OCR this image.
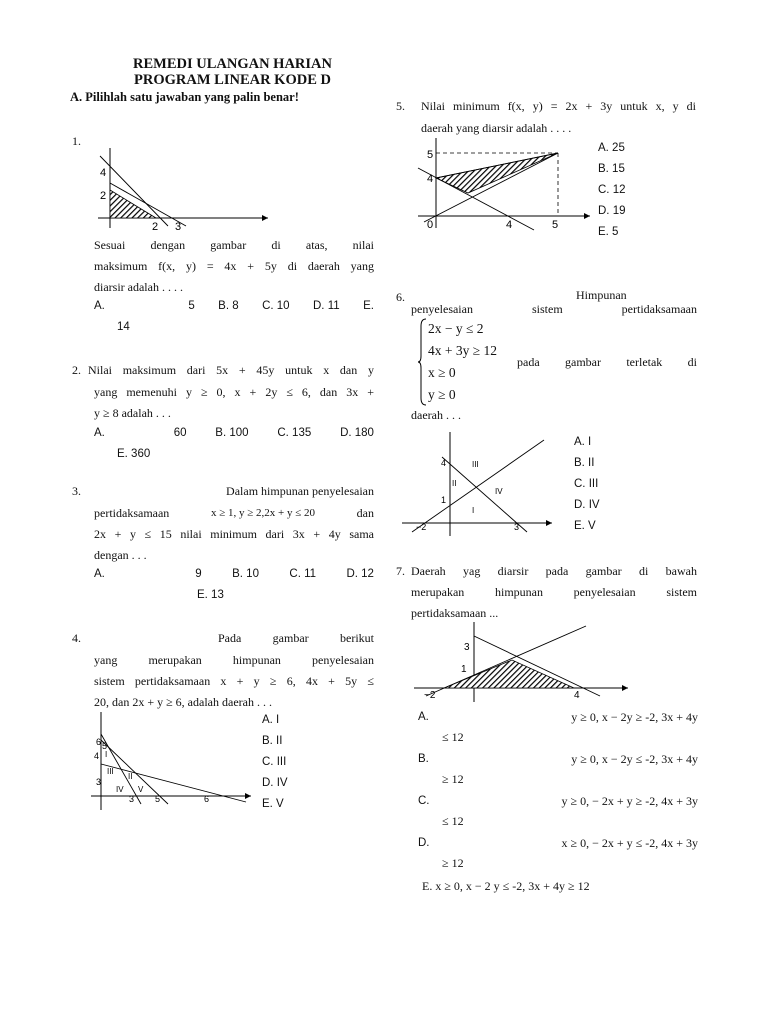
REMEDI ULANGAN HARIAN
PROGRAM LINEAR KODE D
A. Pilihlah satu jawaban yang palin benar!
1.
4
2
2 3
Sesuai dengan gambar di atas, nilai
maksimum f(x, y) = 4x + 5y di daerah yang
diarsir adalah . . . .
A.	5 B. 8 C. 10 D. 11 E.
14
2. Nilai maksimum dari 5x + 45y untuk x dan y
yang memenuhi y ≥ 0, x + 2y ≤ 6, dan 3x +
y ≥ 8 adalah . . .
A.	60	B. 100	C. 135	D. 180
E. 360
3.	Dalam himpunan penyelesaian
pertidaksamaan	x ≥ 1, y ≥ 2,2x + y ≤ 20	dan
2x + y ≤ 15 nilai minimum dari 3x + 4y sama
dengan . . .
A.	9	B. 10	C. 11	D. 12
E. 13
4.	Pada gambar berikut
yang merupakan himpunan penyelesaian
sistem pertidaksamaan x + y ≥ 6, 4x + 5y ≤
20, dan 2x + y ≥ 6, adalah daerah . . .
6 5
4
3
3 5	6
I
II
III
IV V
A. I
B. II
C. III
D. IV
E. V
5. Nilai minimum f(x, y) = 2x + 3y untuk x, y di
daerah yang diarsir adalah . . . .
5
4
0	4	5
A. 25
B. 15
C. 12
D. 19
E. 5
6.	Himpunan
penyelesaian	sistem	pertidaksamaan
2x − y ≤ 2
4x + 3y ≥ 12
x ≥ 0
y ≥ 0
pada gambar terletak di
daerah . . .
4
1
−2	3
I
II
III
IV
A. I
B. II
C. III
D. IV
E. V
7. Daerah yag diarsir pada gambar di bawah
merupakan himpunan penyelesaian sistem
pertidaksamaan ...
3
1
−2	4
A.	y ≥ 0, x − 2y ≥ -2, 3x + 4y
≤ 12
B.	y ≥ 0, x − 2y ≤ -2, 3x + 4y
≥ 12
C.	y ≥ 0, − 2x + y ≥ -2, 4x + 3y
≤ 12
D.	x ≥ 0, − 2x + y ≤ -2, 4x + 3y
≥ 12
E. x ≥ 0, x − 2 y ≤ -2, 3x + 4y ≥ 12
